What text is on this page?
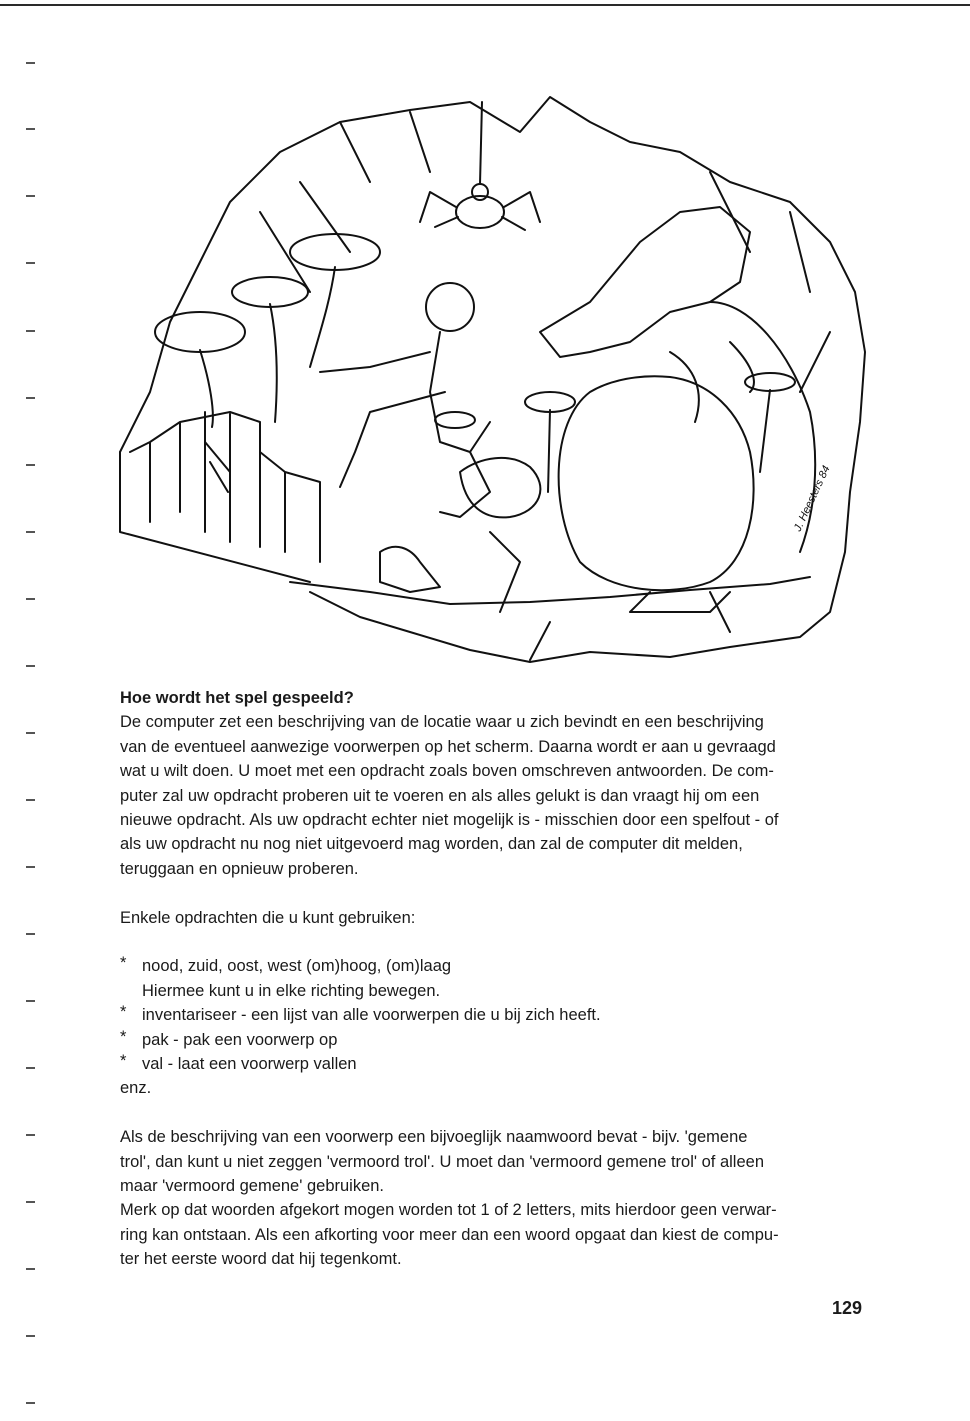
J. Heesters 84

Hoe wordt het spel gespeeld?

De computer zet een beschrijving van de locatie waar u zich bevindt en een beschrijving

van de eventueel aanwezige voorwerpen op het scherm. Daarna wordt er aan u gevraagd

wat u wilt doen. U moet met een opdracht zoals boven omschreven antwoorden. De com-

puter zal uw opdracht proberen uit te voeren en als alles gelukt is dan vraagt hij om een

nieuwe opdracht. Als uw opdracht echter niet mogelijk is - misschien door een spelfout - of

als uw opdracht nu nog niet uitgevoerd mag worden, dan zal de computer dit melden,

teruggaan en opnieuw proberen.

Enkele opdrachten die u kunt gebruiken:

* nood, zuid, oost, west (om)hoog, (om)laag
Hiermee kunt u in elke richting bewegen.
* inventariseer - een lijst van alle voorwerpen die u bij zich heeft.
* pak - pak een voorwerp op
* val - laat een voorwerp vallen

enz.

Als de beschrijving van een voorwerp een bijvoeglijk naamwoord bevat - bijv. 'gemene

trol', dan kunt u niet zeggen 'vermoord trol'. U moet dan 'vermoord gemene trol' of alleen

maar 'vermoord gemene' gebruiken.

Merk op dat woorden afgekort mogen worden tot 1 of 2 letters, mits hierdoor geen verwar-

ring kan ontstaan. Als een afkorting voor meer dan een woord opgaat dan kiest de compu-

ter het eerste woord dat hij tegenkomt.

129
